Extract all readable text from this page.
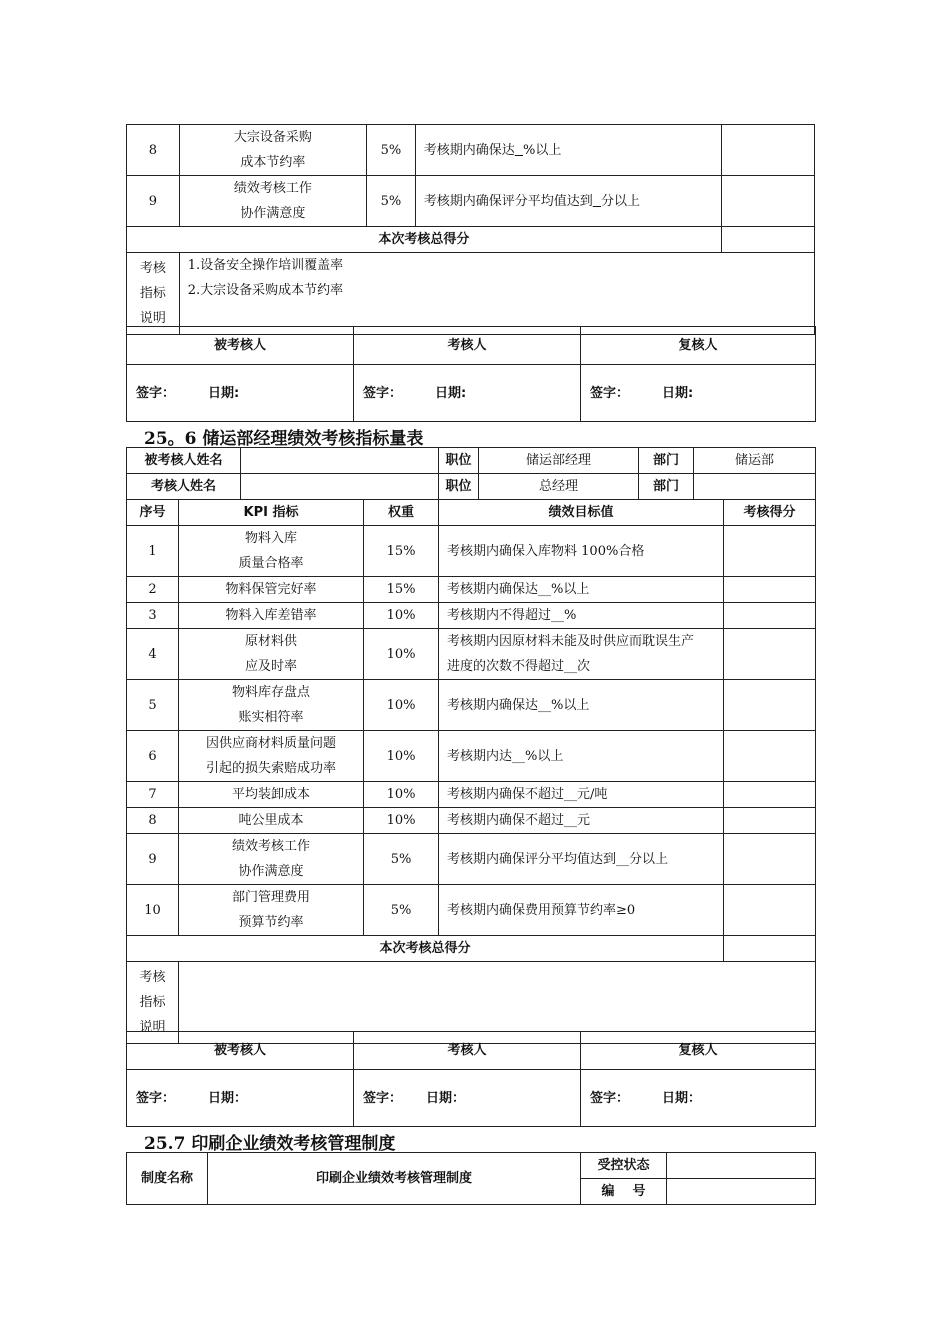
8	大宗设备采购
成本节约率	5%	考核期内确保达 %以上	
9	绩效考核工作
协作满意度	5%	考核期内确保评分平均值达到 分以上	
本次考核总得分				
考核
指标
说明	1.设备安全操作培训覆盖率
2.大宗设备采购成本节约率			
被考核人	考核人	复核人
签字： 日期:	签字： 日期:	签字： 日期:
25。6 储运部经理绩效考核指标量表
被考核人姓名				职位	储运部经理	部门	储运部	
考核人姓名				职位	总经理	部门		
序号	KPI 指标		权重	绩效目标值				考核得分
1	物料入库
质量合格率		15%	考核期内确保入库物料 100%合格				
2	物料保管完好率		15%	考核期内确保达__%以上				
3	物料入库差错率		10%	考核期内不得超过__%				
4	原材料供
应及时率		10%	考核期内因原材料未能及时供应而耽误生产
进度的次数不得超过__次				
5	物料库存盘点
账实相符率		10%	考核期内确保达__%以上				
6	因供应商材料质量问题
引起的损失索赔成功率		10%	考核期内达__%以上				
7	平均装卸成本		10%	考核期内确保不超过__元/吨				
8	吨公里成本		10%	考核期内确保不超过__元				
9	绩效考核工作
协作满意度		5%	考核期内确保评分平均值达到__分以上				
10	部门管理费用
预算节约率		5%	考核期内确保费用预算节约率≥0				
本次考核总得分								
考核
指标
说明								
被考核人	考核人	复核人
签字： 日期：	签字： 日期：	签字： 日期：
25.7 印刷企业绩效考核管理制度
制度名称	印刷企业绩效考核管理制度	受控状态	
		编    号	
